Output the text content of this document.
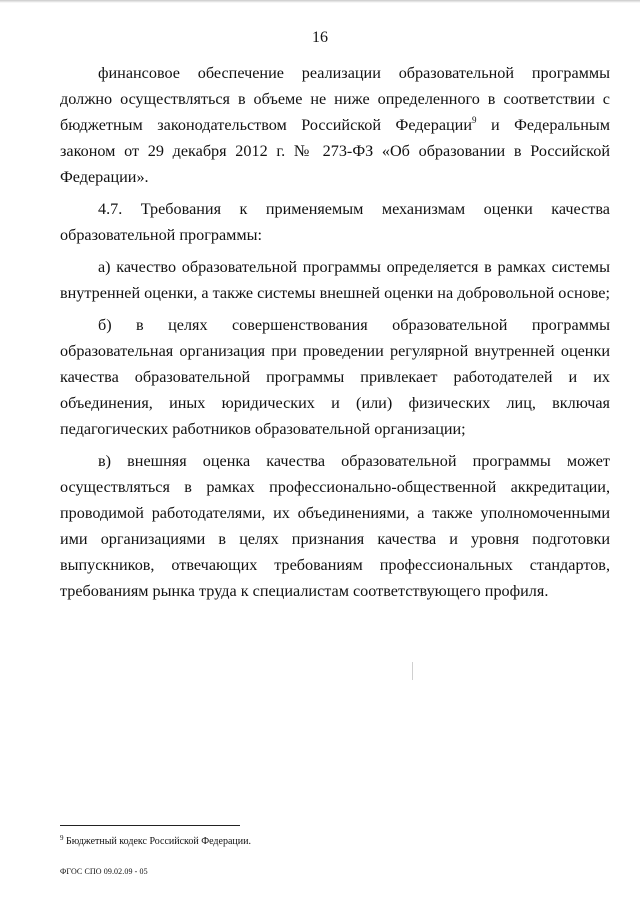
16

финансовое обеспечение реализации образовательной программы должно осуществляться в объеме не ниже определенного в соответствии с бюджетным законодательством Российской Федерации$^9$ и Федеральным законом от 29 декабря 2012 г. № 273-ФЗ «Об образовании в Российской Федерации».

4.7. Требования к применяемым механизмам оценки качества образовательной программы:

а) качество образовательной программы определяется в рамках системы внутренней оценки, а также системы внешней оценки на добровольной основе;

б) в целях совершенствования образовательной программы образовательная организация при проведении регулярной внутренней оценки качества образовательной программы привлекает работодателей и их объединения, иных юридических и (или) физических лиц, включая педагогических работников образовательной организации;

в) внешняя оценка качества образовательной программы может осуществляться в рамках профессионально-общественной аккредитации, проводимой работодателями, их объединениями, а также уполномоченными ими организациями в целях признания качества и уровня подготовки выпускников, отвечающих требованиям профессиональных стандартов, требованиям рынка труда к специалистам соответствующего профиля.

$^9$ Бюджетный кодекс Российской Федерации.
ФГОС СПО 09.02.09 - 05
